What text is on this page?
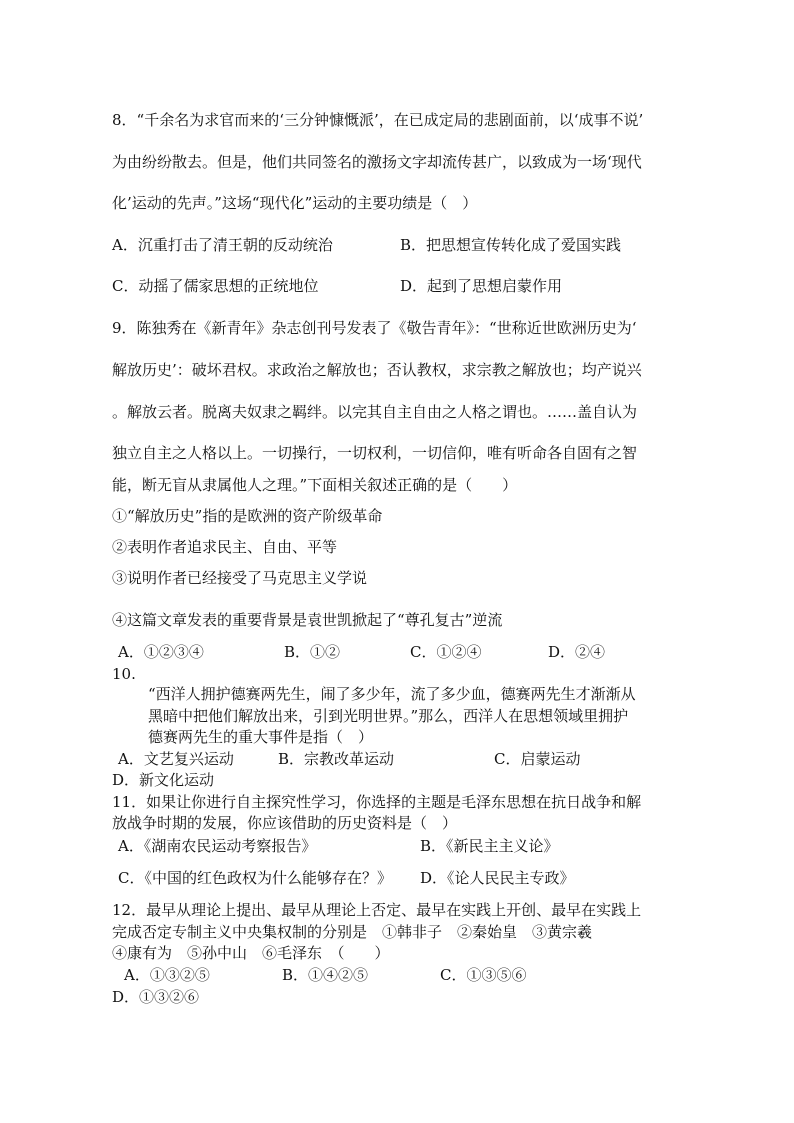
8．“千余名为求官而来的‘三分钟慷慨派’，在已成定局的悲剧面前，以‘成事不说’
为由纷纷散去。但是，他们共同签名的激扬文字却流传甚广，以致成为一场‘现代
化’运动的先声。”这场“现代化”运动的主要功绩是（　）
A．沉重打击了清王朝的反动统治	B．把思想宣传转化成了爱国实践
C．动摇了儒家思想的正统地位	D．起到了思想启蒙作用
9．陈独秀在《新青年》杂志创刊号发表了《敬告青年》：“世称近世欧洲历史为‘
解放历史’：破坏君权。求政治之解放也；否认教权，求宗教之解放也；均产说兴
。解放云者。脱离夫奴隶之羁绊。以完其自主自由之人格之谓也。……盖自认为
独立自主之人格以上。一切操行，一切权利，一切信仰，唯有听命各自固有之智
能，断无盲从隶属他人之理。”下面相关叙述正确的是（　　）
①“解放历史”指的是欧洲的资产阶级革命
②表明作者追求民主、自由、平等
③说明作者已经接受了马克思主义学说
④这篇文章发表的重要背景是袁世凯掀起了“尊孔复古”逆流
A．①②③④	B．①②	C．①②④	D．②④
10.
“西洋人拥护德赛两先生，闹了多少年，流了多少血，德赛两先生才渐渐从
黑暗中把他们解放出来，引到光明世界。”那么，西洋人在思想领域里拥护
德赛两先生的重大事件是指（　）
A．文艺复兴运动	B．宗教改革运动	C．启蒙运动
D．新文化运动
11．如果让你进行自主探究性学习，你选择的主题是毛泽东思想在抗日战争和解
放战争时期的发展，你应该借助的历史资料是（　）
A．《湖南农民运动考察报告》	B．《新民主主义论》
C．《中国的红色政权为什么能够存在？》 D．《论人民民主专政》
12．最早从理论上提出、最早从理论上否定、最早在实践上开创、最早在实践上
完成否定专制主义中央集权制的分别是　①韩非子　②秦始皇　③黄宗羲
④康有为　⑤孙中山　⑥毛泽东　（　　）
A．①③②⑤	B．①④②⑤	C．①③⑤⑥
D．①③②⑥
